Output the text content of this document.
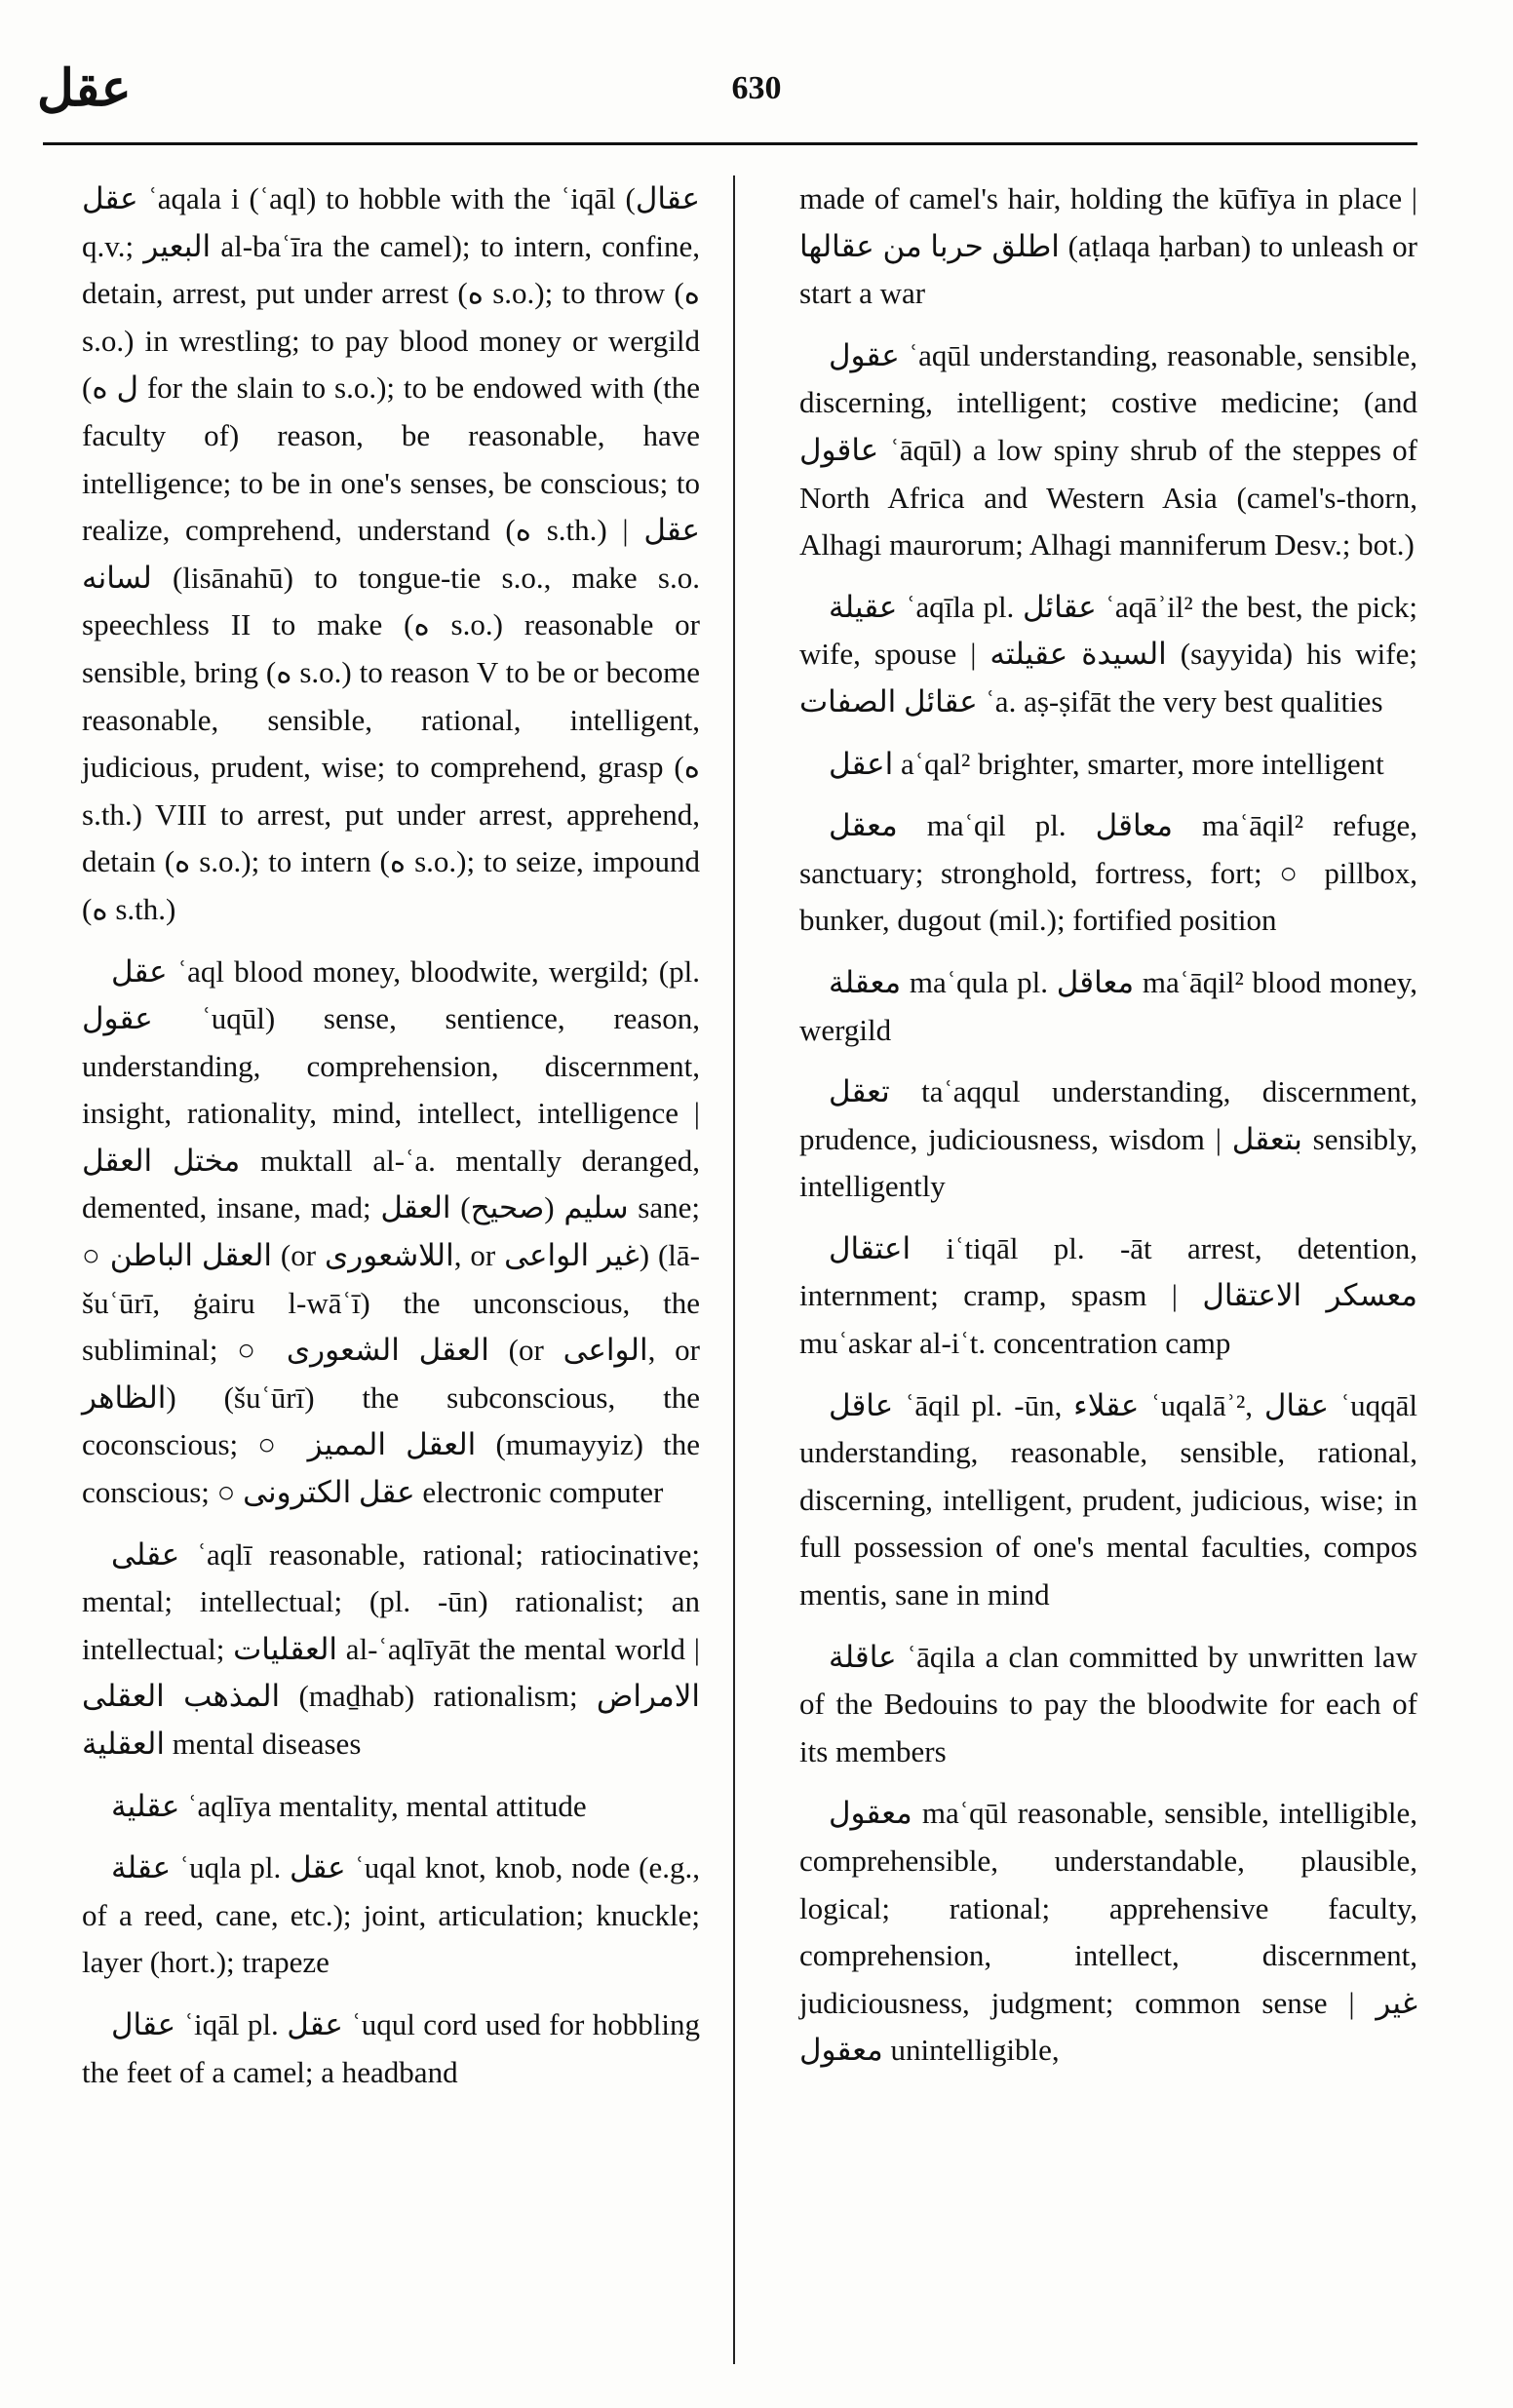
عقل	630

عقل ʿaqala i (ʿaql) to hobble with the ʿiqāl (عقال q.v.; البعير al-baʿīra the camel); to intern, confine, detain, arrest, put under arrest (ه s.o.); to throw (ه s.o.) in wrestling; to pay blood money or wergild (ل ه for the slain to s.o.); to be endowed with (the faculty of) reason, be reasonable, have intelligence; to be in one's senses, be conscious; to realize, comprehend, understand (ه s.th.) | عقل لسانه (lisānahū) to tongue-tie s.o., make s.o. speechless II to make (ه s.o.) reasonable or sensible, bring (ه s.o.) to reason V to be or become reasonable, sensible, rational, intelligent, judicious, prudent, wise; to comprehend, grasp (ه s.th.) VIII to arrest, put under arrest, apprehend, detain (ه s.o.); to intern (ه s.o.); to seize, impound (ه s.th.)

عقل ʿaql blood money, bloodwite, wergild; (pl. عقول ʿuqūl) sense, sentience, reason, understanding, comprehension, discernment, insight, rationality, mind, intellect, intelligence | مختل العقل muktall al-ʿa. mentally deranged, demented, insane, mad; سليم (صحيح) العقل sane; ○ العقل الباطن (or اللاشعورى, or غير الواعى) (lā-šuʿūrī, ġairu l-wāʿī) the unconscious, the subliminal; ○ العقل الشعورى (or الواعى, or الظاهر) (šuʿūrī) the subconscious, the coconscious; ○ العقل المميز (mumayyiz) the conscious; ○ عقل الكترونى electronic computer

عقلى ʿaqlī reasonable, rational; ratiocinative; mental; intellectual; (pl. -ūn) rationalist; an intellectual; العقليات al-ʿaqlīyāt the mental world | المذهب العقلى (maḏhab) rationalism; الامراض العقلية mental diseases

عقلية ʿaqlīya mentality, mental attitude

عقلة ʿuqla pl. عقل ʿuqal knot, knob, node (e.g., of a reed, cane, etc.); joint, articulation; knuckle; layer (hort.); trapeze

عقال ʿiqāl pl. عقل ʿuqul cord used for hobbling the feet of a camel; a headband

made of camel's hair, holding the kūfīya in place | اطلق حربا من عقالها (aṭlaqa ḥarban) to unleash or start a war

عقول ʿaqūl understanding, reasonable, sensible, discerning, intelligent; costive medicine; (and عاقول ʿāqūl) a low spiny shrub of the steppes of North Africa and Western Asia (camel's-thorn, Alhagi maurorum; Alhagi manniferum Desv.; bot.)

عقيلة ʿaqīla pl. عقائل ʿaqāʾil² the best, the pick; wife, spouse | السيدة عقيلته (sayyida) his wife; عقائل الصفات ʿa. aṣ-ṣifāt the very best qualities

اعقل aʿqal² brighter, smarter, more intelligent

معقل maʿqil pl. معاقل maʿāqil² refuge, sanctuary; stronghold, fortress, fort; ○ pillbox, bunker, dugout (mil.); fortified position

معقلة maʿqula pl. معاقل maʿāqil² blood money, wergild

تعقل taʿaqqul understanding, discernment, prudence, judiciousness, wisdom | بتعقل sensibly, intelligently

اعتقال iʿtiqāl pl. -āt arrest, detention, internment; cramp, spasm | معسكر الاعتقال muʿaskar al-iʿt. concentration camp

عاقل ʿāqil pl. -ūn, عقلاء ʿuqalāʾ², عقال ʿuqqāl understanding, reasonable, sensible, rational, discerning, intelligent, prudent, judicious, wise; in full possession of one's mental faculties, compos mentis, sane in mind

عاقلة ʿāqila a clan committed by unwritten law of the Bedouins to pay the bloodwite for each of its members

معقول maʿqūl reasonable, sensible, intelligible, comprehensible, understandable, plausible, logical; rational; apprehensive faculty, comprehension, intellect, discernment, judiciousness, judgment; common sense | غير معقول unintelligible,
